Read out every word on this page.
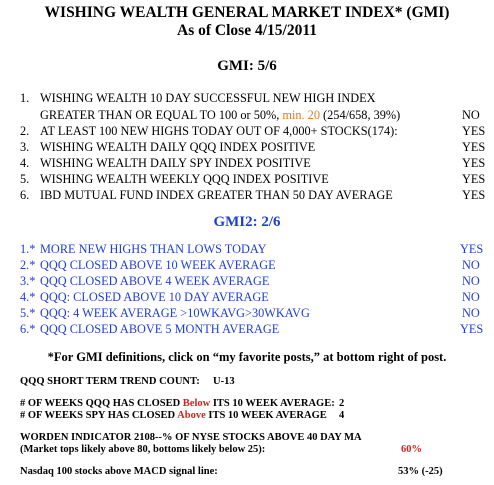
WISHING WEALTH GENERAL MARKET INDEX* (GMI)
As of Close 4/15/2011
GMI: 5/6
1. WISHING WEALTH 10 DAY SUCCESSFUL NEW HIGH INDEX
GREATER THAN OR EQUAL TO 100 or 50%, min. 20 (254/658, 39%)	NO
2. AT LEAST 100 NEW HIGHS TODAY OUT OF 4,000+ STOCKS(174):	YES
3. WISHING WEALTH DAILY QQQ INDEX POSITIVE	YES
4. WISHING WEALTH DAILY SPY INDEX POSITIVE	YES
5. WISHING WEALTH WEEKLY QQQ INDEX POSITIVE	YES
6. IBD MUTUAL FUND INDEX GREATER THAN 50 DAY AVERAGE	YES
GMI2: 2/6
1.* MORE NEW HIGHS THAN LOWS TODAY	YES
2.* QQQ CLOSED ABOVE 10 WEEK AVERAGE	NO
3.* QQQ CLOSED ABOVE 4 WEEK AVERAGE	NO
4.* QQQ: CLOSED ABOVE 10 DAY AVERAGE	NO
5.* QQQ: 4 WEEK AVERAGE >10WKAVG>30WKAVG	NO
6.* QQQ CLOSED ABOVE 5 MONTH AVERAGE	YES
*For GMI definitions, click on “my favorite posts,” at bottom right of post.
QQQ SHORT TERM TREND COUNT: U-13
# OF WEEKS QQQ HAS CLOSED Below ITS 10 WEEK AVERAGE: 2
# OF WEEKS SPY HAS CLOSED Above ITS 10 WEEK AVERAGE 4
WORDEN INDICATOR 2108--% OF NYSE STOCKS ABOVE 40 DAY MA
(Market tops likely above 80, bottoms likely below 25):	60%
Nasdaq 100 stocks above MACD signal line:	53% (-25)
